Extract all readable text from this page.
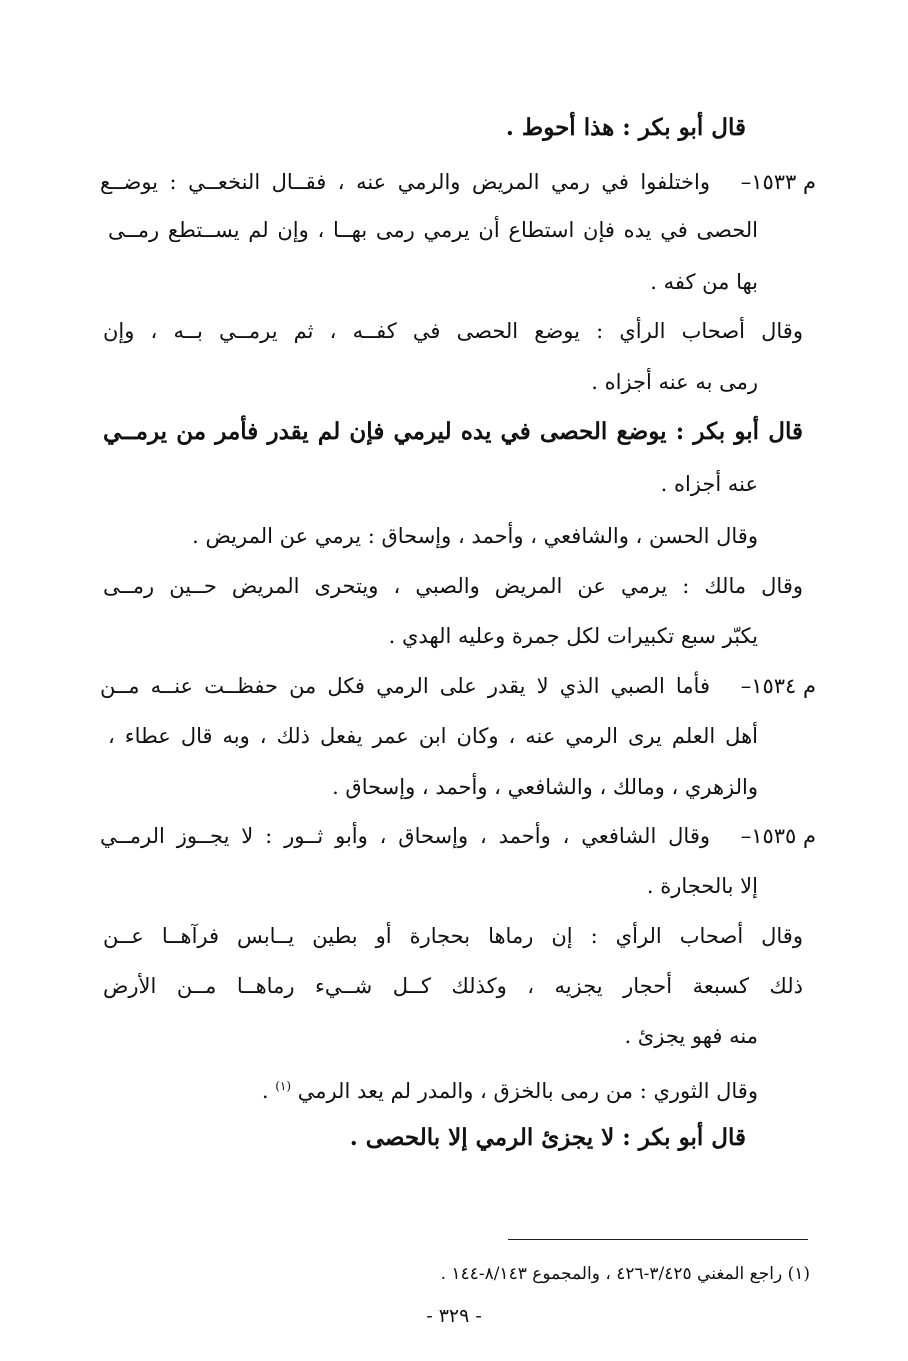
قال أبو بكر : هذا أحوط .
م ١٥٣٣–
واختلفوا في رمي المريض والرمي عنه ، فقــال النخعــي : يوضــع
الحصى في يده فإن استطاع أن يرمي رمى بهــا ، وإن لم يســتطع رمــى
بها من كفه .
وقال أصحاب الرأي : يوضع الحصى في كفــه ، ثم يرمــي بــه ، وإن
رمى به عنه أجزاه .
قال أبو بكر : يوضع الحصى في يده ليرمي فإن لم يقدر فأمر من يرمــي
عنه أجزاه .
وقال الحسن ، والشافعي ، وأحمد ، وإسحاق : يرمي عن المريض .
وقال مالك : يرمي عن المريض والصبي ، ويتحرى المريض حــين رمــى
يكبّر سبع تكبيرات لكل جمرة وعليه الهدي .
م ١٥٣٤–
فأما الصبي الذي لا يقدر على الرمي فكل من حفظــت عنــه مــن
أهل العلم يرى الرمي عنه ، وكان ابن عمر يفعل ذلك ، وبه قال عطاء ،
والزهري ، ومالك ، والشافعي ، وأحمد ، وإسحاق .
م ١٥٣٥–
وقال الشافعي ، وأحمد ، وإسحاق ، وأبو ثــور : لا يجــوز الرمــي
إلا بالحجارة .
وقال أصحاب الرأي : إن رماها بحجارة أو بطين يــابس فرآهــا عــن
ذلك كسبعة أحجار يجزيه ، وكذلك كــل شــيء رماهــا مــن الأرض
منه فهو يجزئ .
وقال الثوري : من رمى بالخزق ، والمدر لم يعد الرمي $^{(١)}$ .
قال أبو بكر : لا يجزئ الرمي إلا بالحصى .
(١) راجع المغني ٣/٤٢٥-٤٢٦ ، والمجموع ٨/١٤٣-١٤٤ .
- ٣٢٩ -
